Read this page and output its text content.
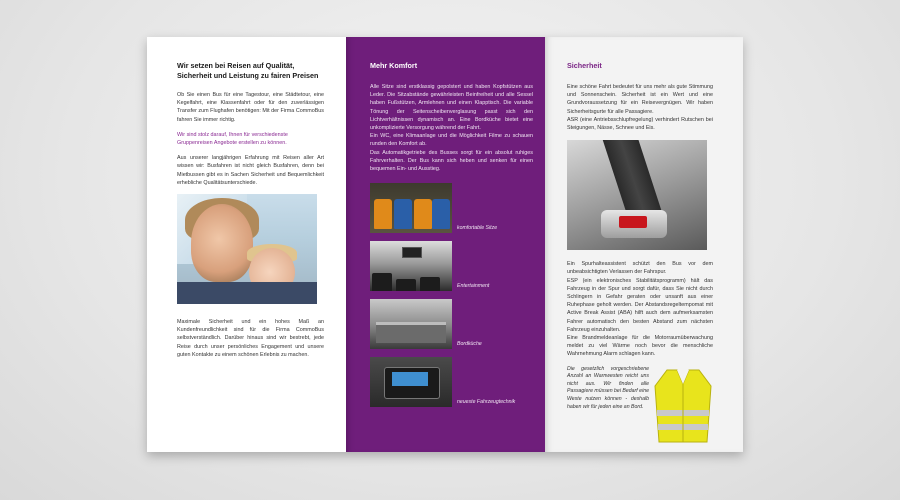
Wir setzen bei Reisen auf Qualität, Sicherheit und Leistung zu fairen Preisen
Ob Sie einen Bus für eine Tagestour, eine Städtetour, eine Kegelfahrt, eine Klassenfahrt oder für den zuverlässigen Transfer zum Flughafen benötigen: Mit der Firma CommoBus fahren Sie immer richtig.
Wir sind stolz darauf, Ihnen für verschiedenste Gruppenreisen Angebote erstellen zu können.
Aus unserer langjährigen Erfahrung mit Reisen aller Art wissen wir: Busfahren ist nicht gleich Busfahren, denn bei Mietbussen gibt es in Sachen Sicherheit und Bequemlichkeit erhebliche Qualitätsunterschiede.
Maximale Sicherheit und ein hohes Maß an Kundenfreundlichkeit sind für die Firma CommoBus selbstverständlich. Darüber hinaus sind wir bestrebt, jede Reise durch unser persönliches Engagement und unsere guten Kontakte zu einem schönen Erlebnis zu machen.
Mehr Komfort
Alle Sitze sind erstklassig gepolstert und haben Kopfstützen aus Leder. Die Sitzabstände gewährleisten Beinfreiheit und alle Sessel haben Fußstützen, Armlehnen und einen Klapptisch. Die variable Tönung der Seitenscheibenverglasung passt sich den Lichtverhältnissen dynamisch an. Eine Bordküche bietet eine unkomplizierte Versorgung während der Fahrt.
Ein WC, eine Klimaanlage und die Möglichkeit Filme zu schauen runden den Komfort ab.
Das Automatikgetriebe des Busses sorgt für ein absolut ruhiges Fahrverhalten. Der Bus kann sich heben und senken für einen bequemen Ein- und Ausstieg.
komfortable Sitze
Entertainment
Bordküche
neueste Fahrzeugtechnik
Sicherheit
Eine schöne Fahrt bedeutet für uns mehr als gute Stimmung und Sonnenschein. Sicherheit ist ein Wert und eine Grundvoraussetzung für ein Reisevergnügen. Wir haben Sicherheitsgurte für alle Passagiere.
ASR (eine Antriebsschlupfregelung) verhindert Rutschen bei Steigungen, Nässe, Schnee und Eis.
Ein Spurhalteassistent schützt den Bus vor dem unbeabsichtigten Verlassen der Fahrspur.
ESP (ein elektronisches Stabilitätsprogramm) hält das Fahrzeug in der Spur und sorgt dafür, dass Sie nicht durch Schlingern in Gefahr geraten oder unsanft aus einer Ruhephase geholt werden. Der Abstandsregeltempomat mit Active Break Assist (ABA) hilft auch dem aufmerksamsten Fahrer automatisch den besten Abstand zum nächsten Fahrzeug einzuhalten.
Eine Brandmeldeanlage für die Motorraumüberwachung meldet zu viel Wärme noch bevor die menschliche Wahrnehmung Alarm schlagen kann.
Die gesetzlich vorgeschriebene Anzahl an Warnwesten reicht uns nicht aus. Wir finden alle Passagiere müssen bei Bedarf eine Weste nutzen können - deshalb haben wir für jeden eine an Bord.
